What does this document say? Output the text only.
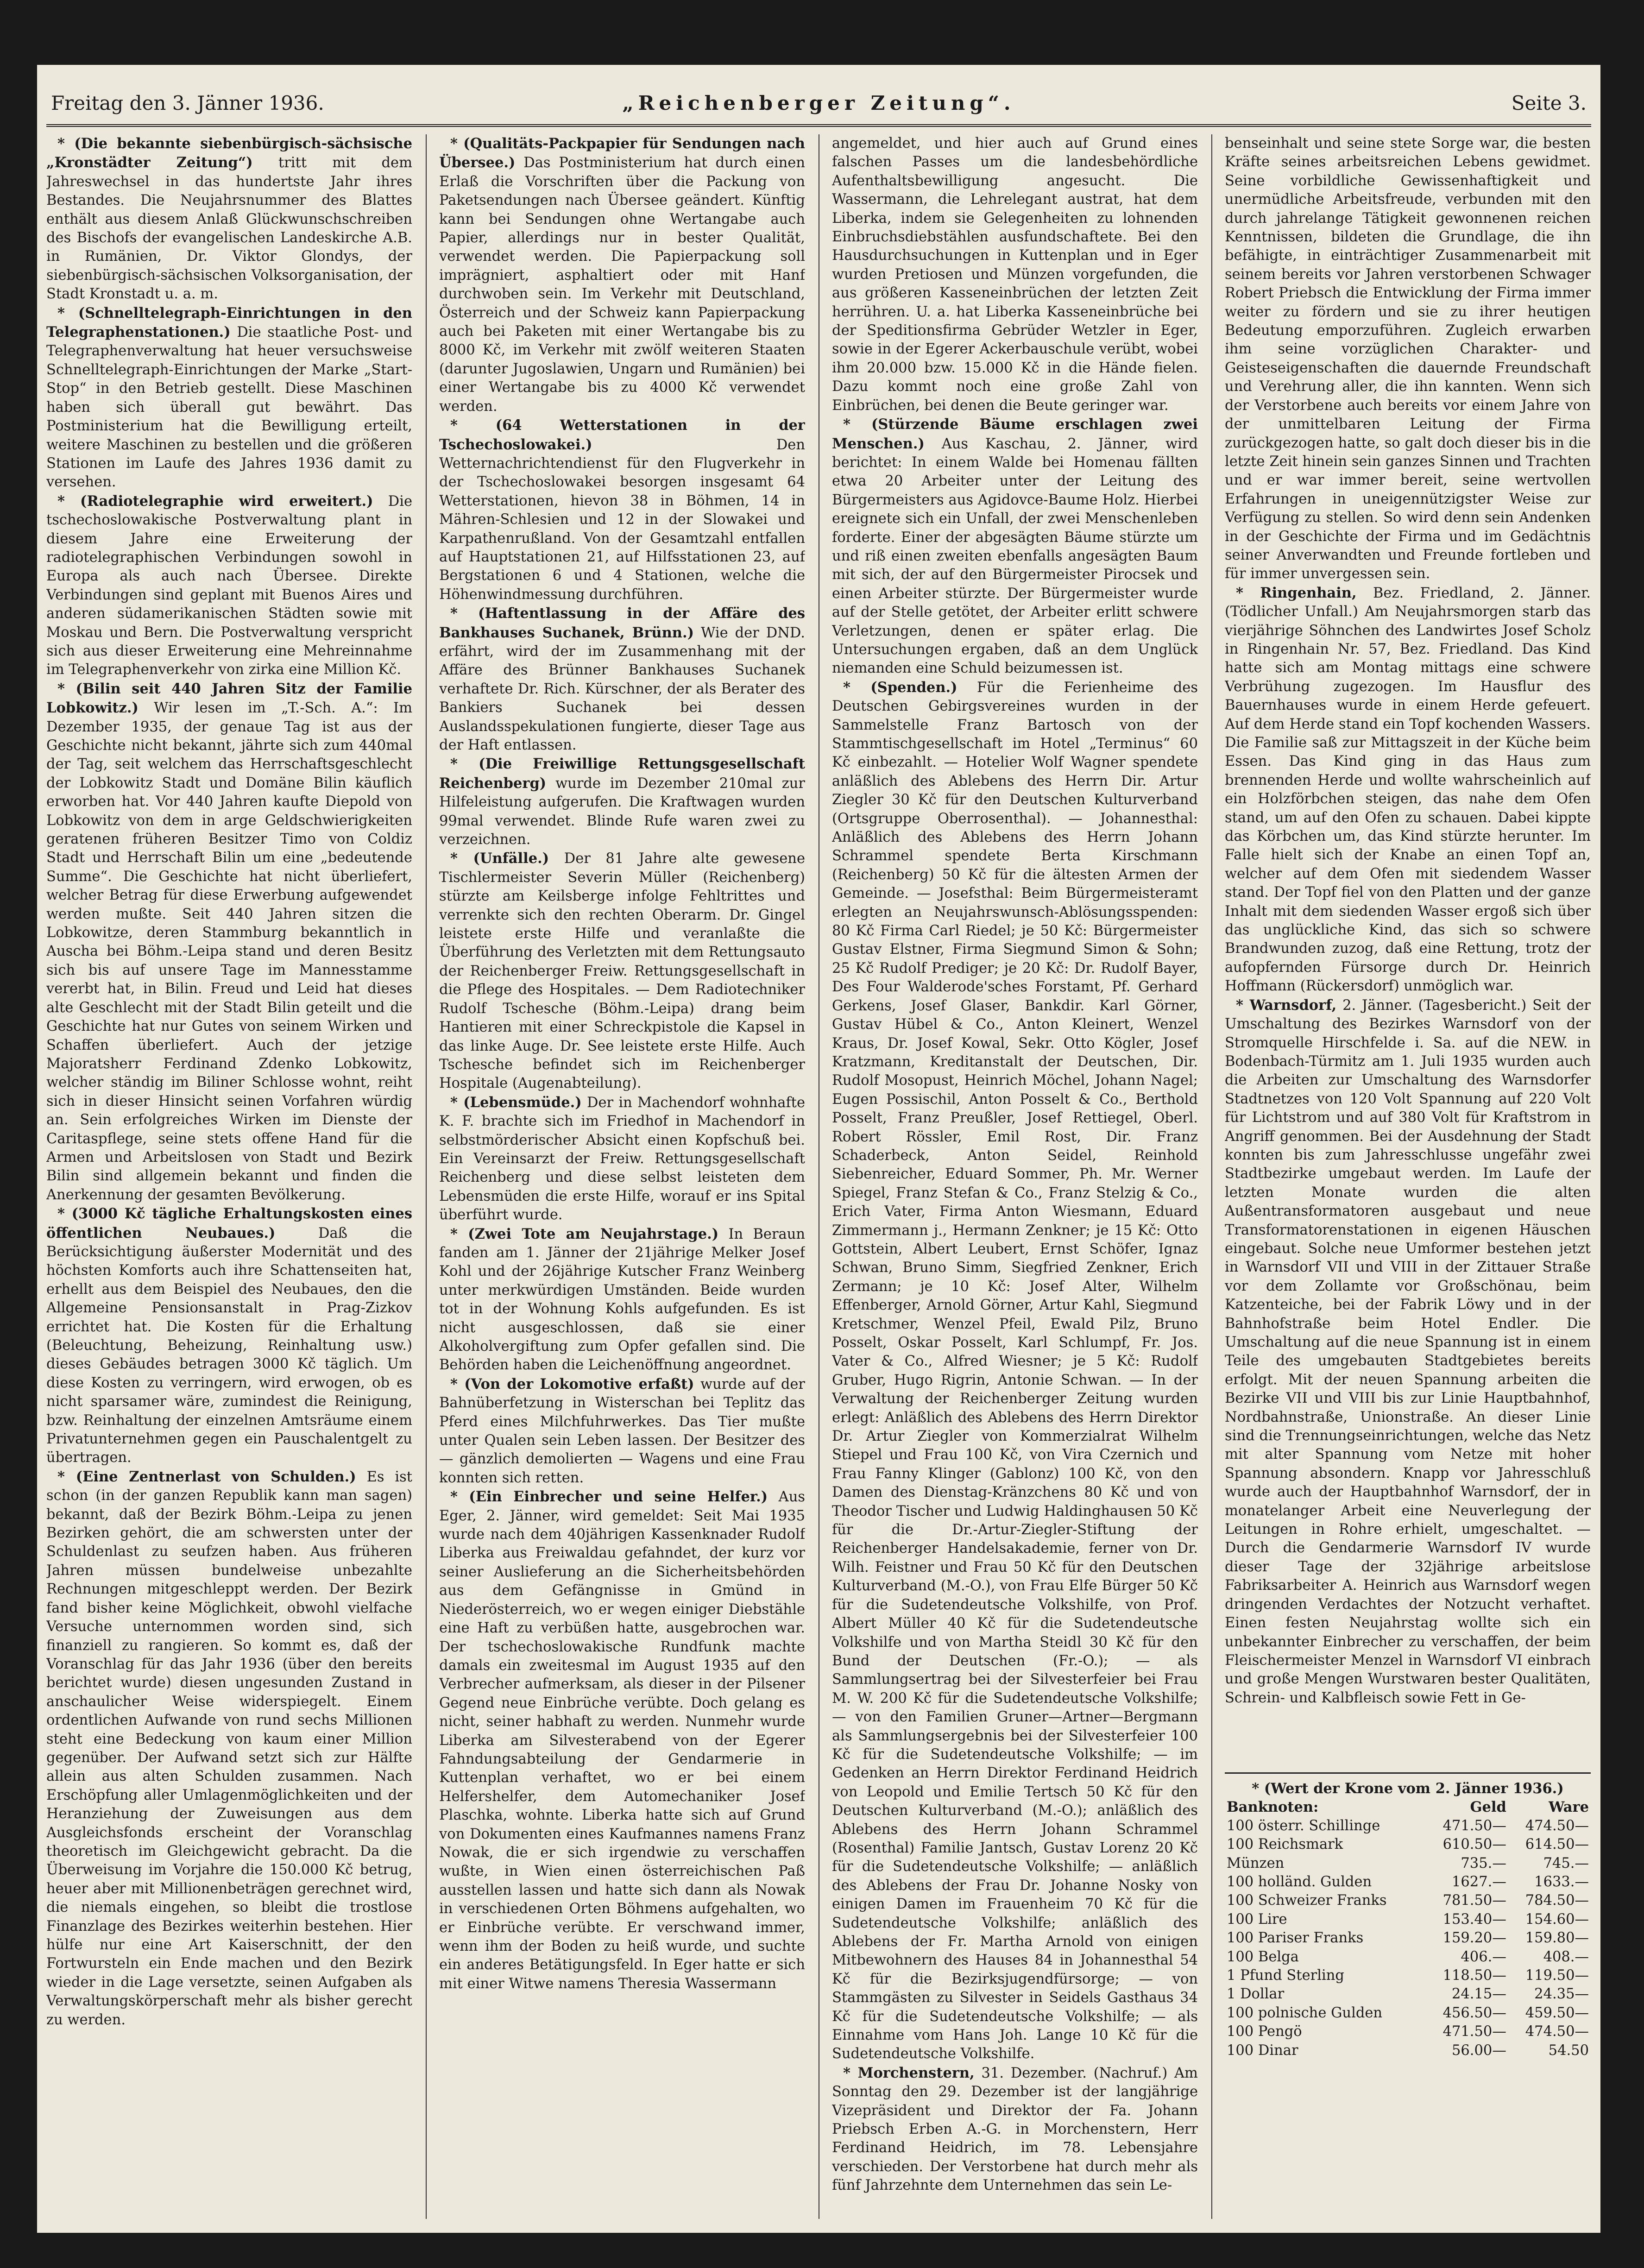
Freitag den 3. Jänner 1936.	„Reichenberger Zeitung“.	Seite 3.

* (Die bekannte siebenbürgisch-sächsische „Kronstädter Zeitung“) tritt mit dem Jahreswechsel in das hundertste Jahr ihres Bestandes. Die Neujahrsnummer des Blattes enthält aus diesem Anlaß Glückwunschschreiben des Bischofs der evangelischen Landeskirche A.B. in Rumänien, Dr. Viktor Glondys, der siebenbürgisch-sächsischen Volksorganisation, der Stadt Kronstadt u. a. m.

* (Schnelltelegraph-Einrichtungen in den Telegraphenstationen.) Die staatliche Post- und Telegraphenverwaltung hat heuer versuchsweise Schnelltelegraph-Einrichtungen der Marke „Start-Stop“ in den Betrieb gestellt. Diese Maschinen haben sich überall gut bewährt. Das Postministerium hat die Bewilligung erteilt, weitere Maschinen zu bestellen und die größeren Stationen im Laufe des Jahres 1936 damit zu versehen.

* (Radiotelegraphie wird erweitert.) Die tschechoslowakische Postverwaltung plant in diesem Jahre eine Erweiterung der radiotelegraphischen Verbindungen sowohl in Europa als auch nach Übersee. Direkte Verbindungen sind geplant mit Buenos Aires und anderen südamerikanischen Städten sowie mit Moskau und Bern. Die Postverwaltung verspricht sich aus dieser Erweiterung eine Mehreinnahme im Telegraphenverkehr von zirka eine Million Kč.

* (Bilin seit 440 Jahren Sitz der Familie Lobkowitz.) Wir lesen im „T.-Sch. A.“: Im Dezember 1935, der genaue Tag ist aus der Geschichte nicht bekannt, jährte sich zum 440mal der Tag, seit welchem das Herrschaftsgeschlecht der Lobkowitz Stadt und Domäne Bilin käuflich erworben hat. Vor 440 Jahren kaufte Diepold von Lobkowitz von dem in arge Geldschwierigkeiten geratenen früheren Besitzer Timo von Coldiz Stadt und Herrschaft Bilin um eine „bedeutende Summe“. Die Geschichte hat nicht überliefert, welcher Betrag für diese Erwerbung aufgewendet werden mußte. Seit 440 Jahren sitzen die Lobkowitze, deren Stammburg bekanntlich in Auscha bei Böhm.-Leipa stand und deren Besitz sich bis auf unsere Tage im Mannesstamme vererbt hat, in Bilin. Freud und Leid hat dieses alte Geschlecht mit der Stadt Bilin geteilt und die Geschichte hat nur Gutes von seinem Wirken und Schaffen überliefert. Auch der jetzige Majoratsherr Ferdinand Zdenko Lobkowitz, welcher ständig im Biliner Schlosse wohnt, reiht sich in dieser Hinsicht seinen Vorfahren würdig an. Sein erfolgreiches Wirken im Dienste der Caritaspflege, seine stets offene Hand für die Armen und Arbeitslosen von Stadt und Bezirk Bilin sind allgemein bekannt und finden die Anerkennung der gesamten Bevölkerung.

* (3000 Kč tägliche Erhaltungskosten eines öffentlichen Neubaues.)	Daß die Berücksichtigung äußerster Modernität und des höchsten Komforts auch ihre Schattenseiten hat, erhellt aus dem Beispiel des Neubaues, den die Allgemeine Pensionsanstalt in Prag-Zizkov errichtet hat. Die Kosten für die Erhaltung (Beleuchtung, Beheizung, Reinhaltung usw.) dieses Gebäudes betragen 3000 Kč täglich. Um diese Kosten zu verringern, wird erwogen, ob es nicht sparsamer wäre, zumindest die Reinigung, bzw. Reinhaltung der einzelnen Amtsräume einem Privatunternehmen gegen ein Pauschalentgelt zu übertragen.

* (Eine Zentnerlast von Schulden.) Es ist schon (in der ganzen Republik kann man sagen) bekannt, daß der Bezirk Böhm.-Leipa zu jenen Bezirken gehört, die am schwersten unter der Schuldenlast zu seufzen haben. Aus früheren Jahren müssen bundelweise unbezahlte Rechnungen mitgeschleppt werden. Der Bezirk fand bisher keine Möglichkeit, obwohl vielfache Versuche unternommen worden sind, sich finanziell zu rangieren. So kommt es, daß der Voranschlag für das Jahr 1936 (über den bereits berichtet wurde) diesen ungesunden Zustand in anschaulicher Weise widerspiegelt. Einem ordentlichen Aufwande von rund sechs Millionen steht eine Bedeckung von kaum einer Million gegenüber. Der Aufwand setzt sich zur Hälfte allein aus alten Schulden zusammen. Nach Erschöpfung aller Umlagenmöglichkeiten und der Heranziehung der Zuweisungen aus dem Ausgleichsfonds erscheint der Voranschlag theoretisch im Gleichgewicht gebracht. Da die Überweisung im Vorjahre die 150.000 Kč betrug, heuer aber mit Millionenbeträgen gerechnet wird, die niemals eingehen, so bleibt die trostlose Finanzlage des Bezirkes weiterhin bestehen. Hier hülfe nur eine Art Kaiserschnitt, der den Fortwursteln ein Ende machen und den Bezirk wieder in die Lage versetzte, seinen Aufgaben als Verwaltungskörperschaft mehr als bisher gerecht zu werden.

* (Qualitäts-Packpapier für Sendungen nach Übersee.) Das Postministerium hat durch einen Erlaß die Vorschriften über die Packung von Paketsendungen nach Übersee geändert. Künftig kann bei Sendungen ohne Wertangabe auch Papier, allerdings nur in bester Qualität, verwendet werden. Die Papierpackung soll imprägniert, asphaltiert oder mit Hanf durchwoben sein. Im Verkehr mit Deutschland, Österreich und der Schweiz kann Papierpackung auch bei Paketen mit einer Wertangabe bis zu 8000 Kč, im Verkehr mit zwölf weiteren Staaten (darunter Jugoslawien, Ungarn und Rumänien) bei einer Wertangabe bis zu 4000 Kč verwendet werden.

* (64 Wetterstationen in der Tschechoslowakei.)	Den Wetternachrichtendienst für den Flugverkehr in der Tschechoslowakei besorgen insgesamt 64 Wetterstationen, hievon 38 in Böhmen, 14 in Mähren-Schlesien und 12 in der Slowakei und Karpathenrußland. Von der Gesamtzahl entfallen auf Hauptstationen 21, auf Hilfsstationen 23, auf Bergstationen 6 und 4 Stationen, welche die Höhenwindmessung durchführen.

* (Haftentlassung in der Affäre des Bankhauses Suchanek, Brünn.) Wie der DND. erfährt, wird der im Zusammenhang mit der Affäre des Brünner Bankhauses Suchanek verhaftete Dr. Rich. Kürschner, der als Berater des Bankiers Suchanek bei dessen Auslandsspekulationen fungierte, dieser Tage aus der Haft entlassen.

* (Die Freiwillige Rettungsgesellschaft Reichenberg) wurde im Dezember 210mal zur Hilfeleistung aufgerufen. Die Kraftwagen wurden 99mal verwendet. Blinde Rufe waren zwei zu verzeichnen.

* (Unfälle.) Der 81 Jahre alte gewesene Tischlermeister Severin Müller (Reichenberg) stürzte am Keilsberge infolge Fehltrittes und verrenkte sich den rechten Oberarm. Dr. Gingel leistete erste Hilfe und veranlaßte die Überführung des Verletzten mit dem Rettungsauto der Reichenberger Freiw. Rettungsgesellschaft in die Pflege des Hospitales. — Dem Radiotechniker Rudolf Tschesche (Böhm.-Leipa) drang beim Hantieren mit einer Schreckpistole die Kapsel in das linke Auge. Dr. See leistete erste Hilfe. Auch Tschesche befindet sich im Reichenberger Hospitale (Augenabteilung).

* (Lebensmüde.) Der in Machendorf wohnhafte K. F. brachte sich im Friedhof in Machendorf in selbstmörderischer Absicht einen Kopfschuß bei. Ein Vereinsarzt der Freiw. Rettungsgesellschaft Reichenberg und diese selbst leisteten dem Lebensmüden die erste Hilfe, worauf er ins Spital überführt wurde.

* (Zwei Tote am Neujahrstage.) In Beraun fanden am 1. Jänner der 21jährige Melker Josef Kohl und der 26jährige Kutscher Franz Weinberg unter merkwürdigen Umständen. Beide wurden tot in der Wohnung Kohls aufgefunden. Es ist nicht ausgeschlossen, daß sie einer Alkoholvergiftung zum Opfer gefallen sind. Die Behörden haben die Leichenöffnung angeordnet.

* (Von der Lokomotive erfaßt) wurde auf der Bahnüberfetzung in Wisterschan bei Teplitz das Pferd eines Milchfuhrwerkes. Das Tier mußte unter Qualen sein Leben lassen. Der Besitzer des — gänzlich demolierten — Wagens und eine Frau konnten sich retten.

* (Ein Einbrecher und seine Helfer.) Aus Eger, 2. Jänner, wird gemeldet: Seit Mai 1935 wurde nach dem 40jährigen Kassenknader Rudolf Liberka aus Freiwaldau gefahndet, der kurz vor seiner Auslieferung an die Sicherheitsbehörden aus dem Gefängnisse in Gmünd in Niederösterreich, wo er wegen einiger Diebstähle eine Haft zu verbüßen hatte, ausgebrochen war. Der tschechoslowakische Rundfunk machte damals ein zweitesmal im August 1935 auf den Verbrecher aufmerksam, als dieser in der Pilsener Gegend neue Einbrüche verübte. Doch gelang es nicht, seiner habhaft zu werden. Nunmehr wurde Liberka am Silvesterabend von der Egerer Fahndungsabteilung der Gendarmerie in Kuttenplan verhaftet, wo er bei einem Helfershelfer, dem Automechaniker Josef Plaschka, wohnte. Liberka hatte sich auf Grund von Dokumenten eines Kaufmannes namens Franz Nowak, die er sich irgendwie zu verschaffen wußte, in Wien einen österreichischen Paß ausstellen lassen und hatte sich dann als Nowak in verschiedenen Orten Böhmens aufgehalten, wo er Einbrüche verübte. Er verschwand immer, wenn ihm der Boden zu heiß wurde, und suchte ein anderes Betätigungsfeld. In Eger hatte er sich mit einer Witwe namens Theresia Wassermann

angemeldet, und hier auch auf Grund eines falschen Passes um die landesbehördliche Aufenthaltsbewilligung angesucht. Die Wassermann, die Lehrelegant austrat, hat dem Liberka, indem sie Gelegenheiten zu lohnenden Einbruchsdiebstählen ausfundschaftete. Bei den Hausdurchsuchungen in Kuttenplan und in Eger wurden Pretiosen und Münzen vorgefunden, die aus größeren Kasseneinbrüchen der letzten Zeit herrühren. U. a. hat Liberka Kasseneinbrüche bei der Speditionsfirma Gebrüder Wetzler in Eger, sowie in der Egerer Ackerbauschule verübt, wobei ihm 20.000 bzw. 15.000 Kč in die Hände fielen. Dazu kommt noch eine große Zahl von Einbrüchen, bei denen die Beute geringer war.

* (Stürzende Bäume erschlagen zwei Menschen.) Aus Kaschau, 2. Jänner, wird berichtet: In einem Walde bei Homenau fällten etwa 20 Arbeiter unter der Leitung des Bürgermeisters aus Agidovce-Baume Holz. Hierbei ereignete sich ein Unfall, der zwei Menschenleben forderte. Einer der abgesägten Bäume stürzte um und riß einen zweiten ebenfalls angesägten Baum mit sich, der auf den Bürgermeister Pirocsek und einen Arbeiter stürzte. Der Bürgermeister wurde auf der Stelle getötet, der Arbeiter erlitt schwere Verletzungen, denen er später erlag. Die Untersuchungen ergaben, daß an dem Unglück niemanden eine Schuld beizumessen ist.

* (Spenden.) Für die Ferienheime des Deutschen Gebirgsvereines wurden in der Sammelstelle Franz Bartosch von der Stammtischgesellschaft im Hotel „Terminus“ 60 Kč einbezahlt. — Hotelier Wolf Wagner spendete anläßlich des Ablebens des Herrn Dir. Artur Ziegler 30 Kč für den Deutschen Kulturverband (Ortsgruppe Oberrosenthal). — Johannesthal: Anläßlich des Ablebens des Herrn Johann Schrammel spendete Berta Kirschmann (Reichenberg) 50 Kč für die ältesten Armen der Gemeinde. — Josefsthal: Beim Bürgermeisteramt erlegten an Neujahrswunsch-Ablösungsspenden: 80 Kč Firma Carl Riedel; je 50 Kč: Bürgermeister Gustav Elstner, Firma Siegmund Simon & Sohn; 25 Kč Rudolf Prediger; je 20 Kč: Dr. Rudolf Bayer, Des Four Walderode'sches Forstamt, Pf. Gerhard Gerkens, Josef Glaser, Bankdir. Karl Görner, Gustav Hübel & Co., Anton Kleinert, Wenzel Kraus, Dr. Josef Kowal, Sekr. Otto Kögler, Josef Kratzmann, Kreditanstalt der Deutschen, Dir. Rudolf Mosopust, Heinrich Möchel, Johann Nagel; Eugen Possischil, Anton Posselt & Co., Berthold Posselt, Franz Preußler, Josef Rettiegel, Oberl. Robert Rössler, Emil Rost, Dir. Franz Schaderbeck, Anton Seidel, Reinhold Siebenreicher, Eduard Sommer, Ph. Mr. Werner Spiegel, Franz Stefan & Co., Franz Stelzig & Co., Erich Vater, Firma Anton Wiesmann, Eduard Zimmermann j., Hermann Zenkner; je 15 Kč: Otto Gottstein, Albert Leubert, Ernst Schöfer, Ignaz Schwan, Bruno Simm, Siegfried Zenkner, Erich Zermann; je 10 Kč: Josef Alter, Wilhelm Effenberger, Arnold Görner, Artur Kahl, Siegmund Kretschmer, Wenzel Pfeil, Ewald Pilz, Bruno Posselt, Oskar Posselt, Karl Schlumpf, Fr. Jos. Vater & Co., Alfred Wiesner; je 5 Kč: Rudolf Gruber, Hugo Rigrin, Antonie Schwan. — In der Verwaltung der Reichenberger Zeitung wurden erlegt: Anläßlich des Ablebens des Herrn Direktor Dr. Artur Ziegler von Kommerzialrat Wilhelm Stiepel und Frau 100 Kč, von Vira Czernich und Frau Fanny Klinger (Gablonz) 100 Kč, von den Damen des Dienstag-Kränzchens 80 Kč und von Theodor Tischer und Ludwig Haldinghausen 50 Kč für die Dr.-Artur-Ziegler-Stiftung der Reichenberger Handelsakademie, ferner von Dr. Wilh. Feistner und Frau 50 Kč für den Deutschen Kulturverband (M.-O.), von Frau Elfe Bürger 50 Kč für die Sudetendeutsche Volkshilfe, von Prof. Albert Müller 40 Kč für die Sudetendeutsche Volkshilfe und von Martha Steidl 30 Kč für den Bund der Deutschen (Fr.-O.); — als Sammlungsertrag bei der Silvesterfeier bei Frau M. W. 200 Kč für die Sudetendeutsche Volkshilfe; — von den Familien Gruner—Artner—Bergmann als Sammlungsergebnis bei der Silvesterfeier 100 Kč für die Sudetendeutsche Volkshilfe; — im Gedenken an Herrn Direktor Ferdinand Heidrich von Leopold und Emilie Tertsch 50 Kč für den Deutschen Kulturverband (M.-O.); anläßlich des Ablebens des Herrn Johann Schrammel (Rosenthal) Familie Jantsch, Gustav Lorenz 20 Kč für die Sudetendeutsche Volkshilfe; — anläßlich des Ablebens der Frau Dr. Johanne Nosky von einigen Damen im Frauenheim 70 Kč für die Sudetendeutsche Volkshilfe; anläßlich des Ablebens der Fr. Martha Arnold von einigen Mitbewohnern des Hauses 84 in Johannesthal 54 Kč für die Bezirksjugendfürsorge; — von Stammgästen zu Silvester in Seidels Gasthaus 34 Kč für die Sudetendeutsche Volkshilfe; — als Einnahme vom Hans Joh. Lange 10 Kč für die Sudetendeutsche Volkshilfe.

* Morchenstern, 31. Dezember. (Nachruf.) Am Sonntag den 29. Dezember ist der langjährige Vizepräsident und Direktor der Fa. Johann Priebsch Erben A.-G. in Morchenstern, Herr Ferdinand Heidrich, im 78. Lebensjahre verschieden. Der Verstorbene hat durch mehr als fünf Jahrzehnte dem Unternehmen das sein Le-

benseinhalt und seine stete Sorge war, die besten Kräfte seines arbeitsreichen Lebens gewidmet. Seine vorbildliche Gewissenhaftigkeit und unermüdliche Arbeitsfreude, verbunden mit den durch jahrelange Tätigkeit gewonnenen reichen Kenntnissen, bildeten die Grundlage, die ihn befähigte, in einträchtiger Zusammenarbeit mit seinem bereits vor Jahren verstorbenen Schwager Robert Priebsch die Entwicklung der Firma immer weiter zu fördern und sie zu ihrer heutigen Bedeutung emporzuführen. Zugleich erwarben ihm seine vorzüglichen Charakter- und Geisteseigenschaften die dauernde Freundschaft und Verehrung aller, die ihn kannten. Wenn sich der Verstorbene auch bereits vor einem Jahre von der unmittelbaren Leitung der Firma zurückgezogen hatte, so galt doch dieser bis in die letzte Zeit hinein sein ganzes Sinnen und Trachten und er war immer bereit, seine wertvollen Erfahrungen in uneigennützigster Weise zur Verfügung zu stellen. So wird denn sein Andenken in der Geschichte der Firma und im Gedächtnis seiner Anverwandten und Freunde fortleben und für immer unvergessen sein.

* Ringenhain, Bez. Friedland, 2. Jänner. (Tödlicher Unfall.) Am Neujahrsmorgen starb das vierjährige Söhnchen des Landwirtes Josef Scholz in Ringenhain Nr. 57, Bez. Friedland. Das Kind hatte sich am Montag mittags eine schwere Verbrühung zugezogen. Im Hausflur des Bauernhauses wurde in einem Herde gefeuert. Auf dem Herde stand ein Topf kochenden Wassers. Die Familie saß zur Mittagszeit in der Küche beim Essen. Das Kind ging in das Haus zum brennenden Herde und wollte wahrscheinlich auf ein Holzförbchen steigen, das nahe dem Ofen stand, um auf den Ofen zu schauen. Dabei kippte das Körbchen um, das Kind stürzte herunter. Im Falle hielt sich der Knabe an einen Topf an, welcher auf dem Ofen mit siedendem Wasser stand. Der Topf fiel von den Platten und der ganze Inhalt mit dem siedenden Wasser ergoß sich über das unglückliche Kind, das sich so schwere Brandwunden zuzog, daß eine Rettung, trotz der aufopfernden Fürsorge durch Dr. Heinrich Hoffmann (Rückersdorf) unmöglich war.

* Warnsdorf, 2. Jänner. (Tagesbericht.) Seit der Umschaltung des Bezirkes Warnsdorf von der Stromquelle Hirschfelde i. Sa. auf die NEW. in Bodenbach-Türmitz am 1. Juli 1935 wurden auch die Arbeiten zur Umschaltung des Warnsdorfer Stadtnetzes von 120 Volt Spannung auf 220 Volt für Lichtstrom und auf 380 Volt für Kraftstrom in Angriff genommen. Bei der Ausdehnung der Stadt konnten bis zum Jahresschlusse ungefähr zwei Stadtbezirke umgebaut werden. Im Laufe der letzten Monate wurden die alten Außentransformatoren ausgebaut und neue Transformatorenstationen in eigenen Häuschen eingebaut. Solche neue Umformer bestehen jetzt in Warnsdorf VII und VIII in der Zittauer Straße vor dem Zollamte vor Großschönau, beim Katzenteiche, bei der Fabrik Löwy und in der Bahnhofstraße beim Hotel Endler. Die Umschaltung auf die neue Spannung ist in einem Teile des umgebauten Stadtgebietes bereits erfolgt. Mit der neuen Spannung arbeiten die Bezirke VII und VIII bis zur Linie Hauptbahnhof, Nordbahnstraße, Unionstraße. An dieser Linie sind die Trennungseinrichtungen, welche das Netz mit alter Spannung vom Netze mit hoher Spannung absondern. Knapp vor Jahresschluß wurde auch der Hauptbahnhof Warnsdorf, der in monatelanger Arbeit eine Neuverlegung der Leitungen in Rohre erhielt, umgeschaltet. — Durch die Gendarmerie Warnsdorf IV wurde dieser Tage der 32jährige arbeitslose Fabriksarbeiter A. Heinrich aus Warnsdorf wegen dringenden Verdachtes der Notzucht verhaftet. Einen festen Neujahrstag wollte sich ein unbekannter Einbrecher zu verschaffen, der beim Fleischermeister Menzel in Warnsdorf VI einbrach und große Mengen Wurstwaren bester Qualitäten, Schrein- und Kalbfleisch sowie Fett in Ge-

* (Wert der Krone vom 2. Jänner 1936.)
Banknoten:	Geld	Ware
100 österr. Schillinge	471.50—	474.50—
100 Reichsmark	610.50—	614.50—
Münzen	735.—	745.—
100 holländ. Gulden	1627.—	1633.—
100 Schweizer Franks	781.50—	784.50—
100 Lire	153.40—	154.60—
100 Pariser Franks	159.20—	159.80—
100 Belga	406.—	408.—
1 Pfund Sterling	118.50—	119.50—
1 Dollar	24.15—	24.35—
100 polnische Gulden	456.50—	459.50—
100 Pengö	471.50—	474.50—
100 Dinar	56.00—	54.50
